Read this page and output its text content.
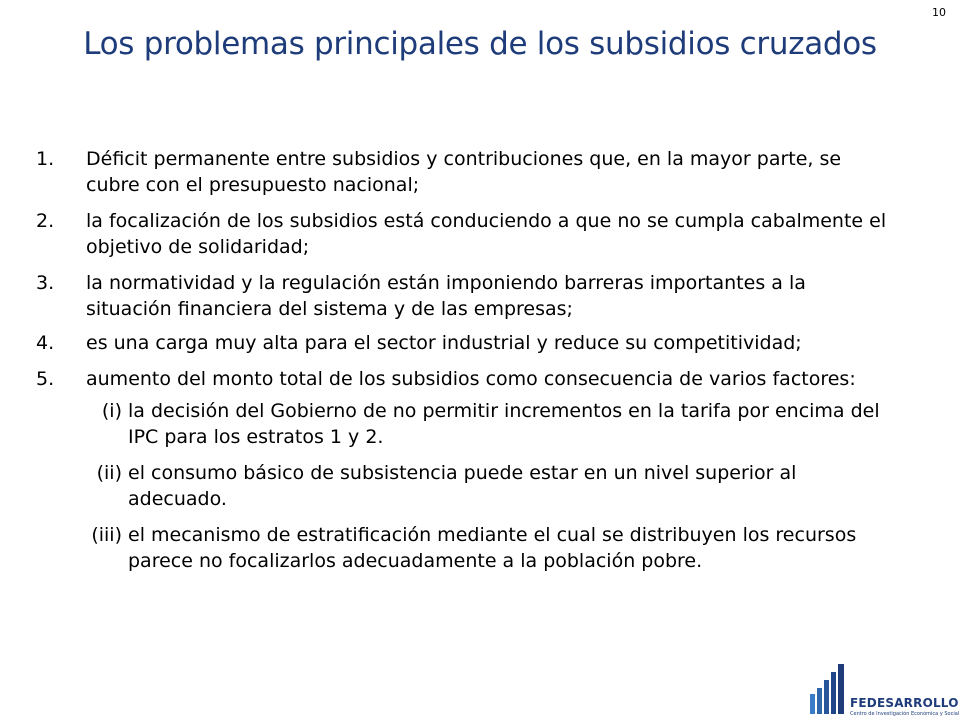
10
Los problemas principales de los subsidios cruzados
1. Déficit permanente entre subsidios y contribuciones que, en la mayor parte, se cubre con el presupuesto nacional;
2. la focalización de los subsidios está conduciendo a que no se cumpla cabalmente el objetivo de solidaridad;
3. la normatividad y la regulación están imponiendo barreras importantes a la situación financiera del sistema y de las empresas;
4. es una carga muy alta para el sector industrial y reduce su competitividad;
5. aumento del monto total de los subsidios como consecuencia de varios factores:
(i) la decisión del Gobierno de no permitir incrementos en la tarifa por encima del IPC para los estratos 1 y 2.
(ii) el consumo básico de subsistencia puede estar en un nivel superior al adecuado.
(iii) el mecanismo de estratificación mediante el cual se distribuyen los recursos parece no focalizarlos adecuadamente a la población pobre.
FEDESARROLLO
Centro de Investigación Económica y Social
